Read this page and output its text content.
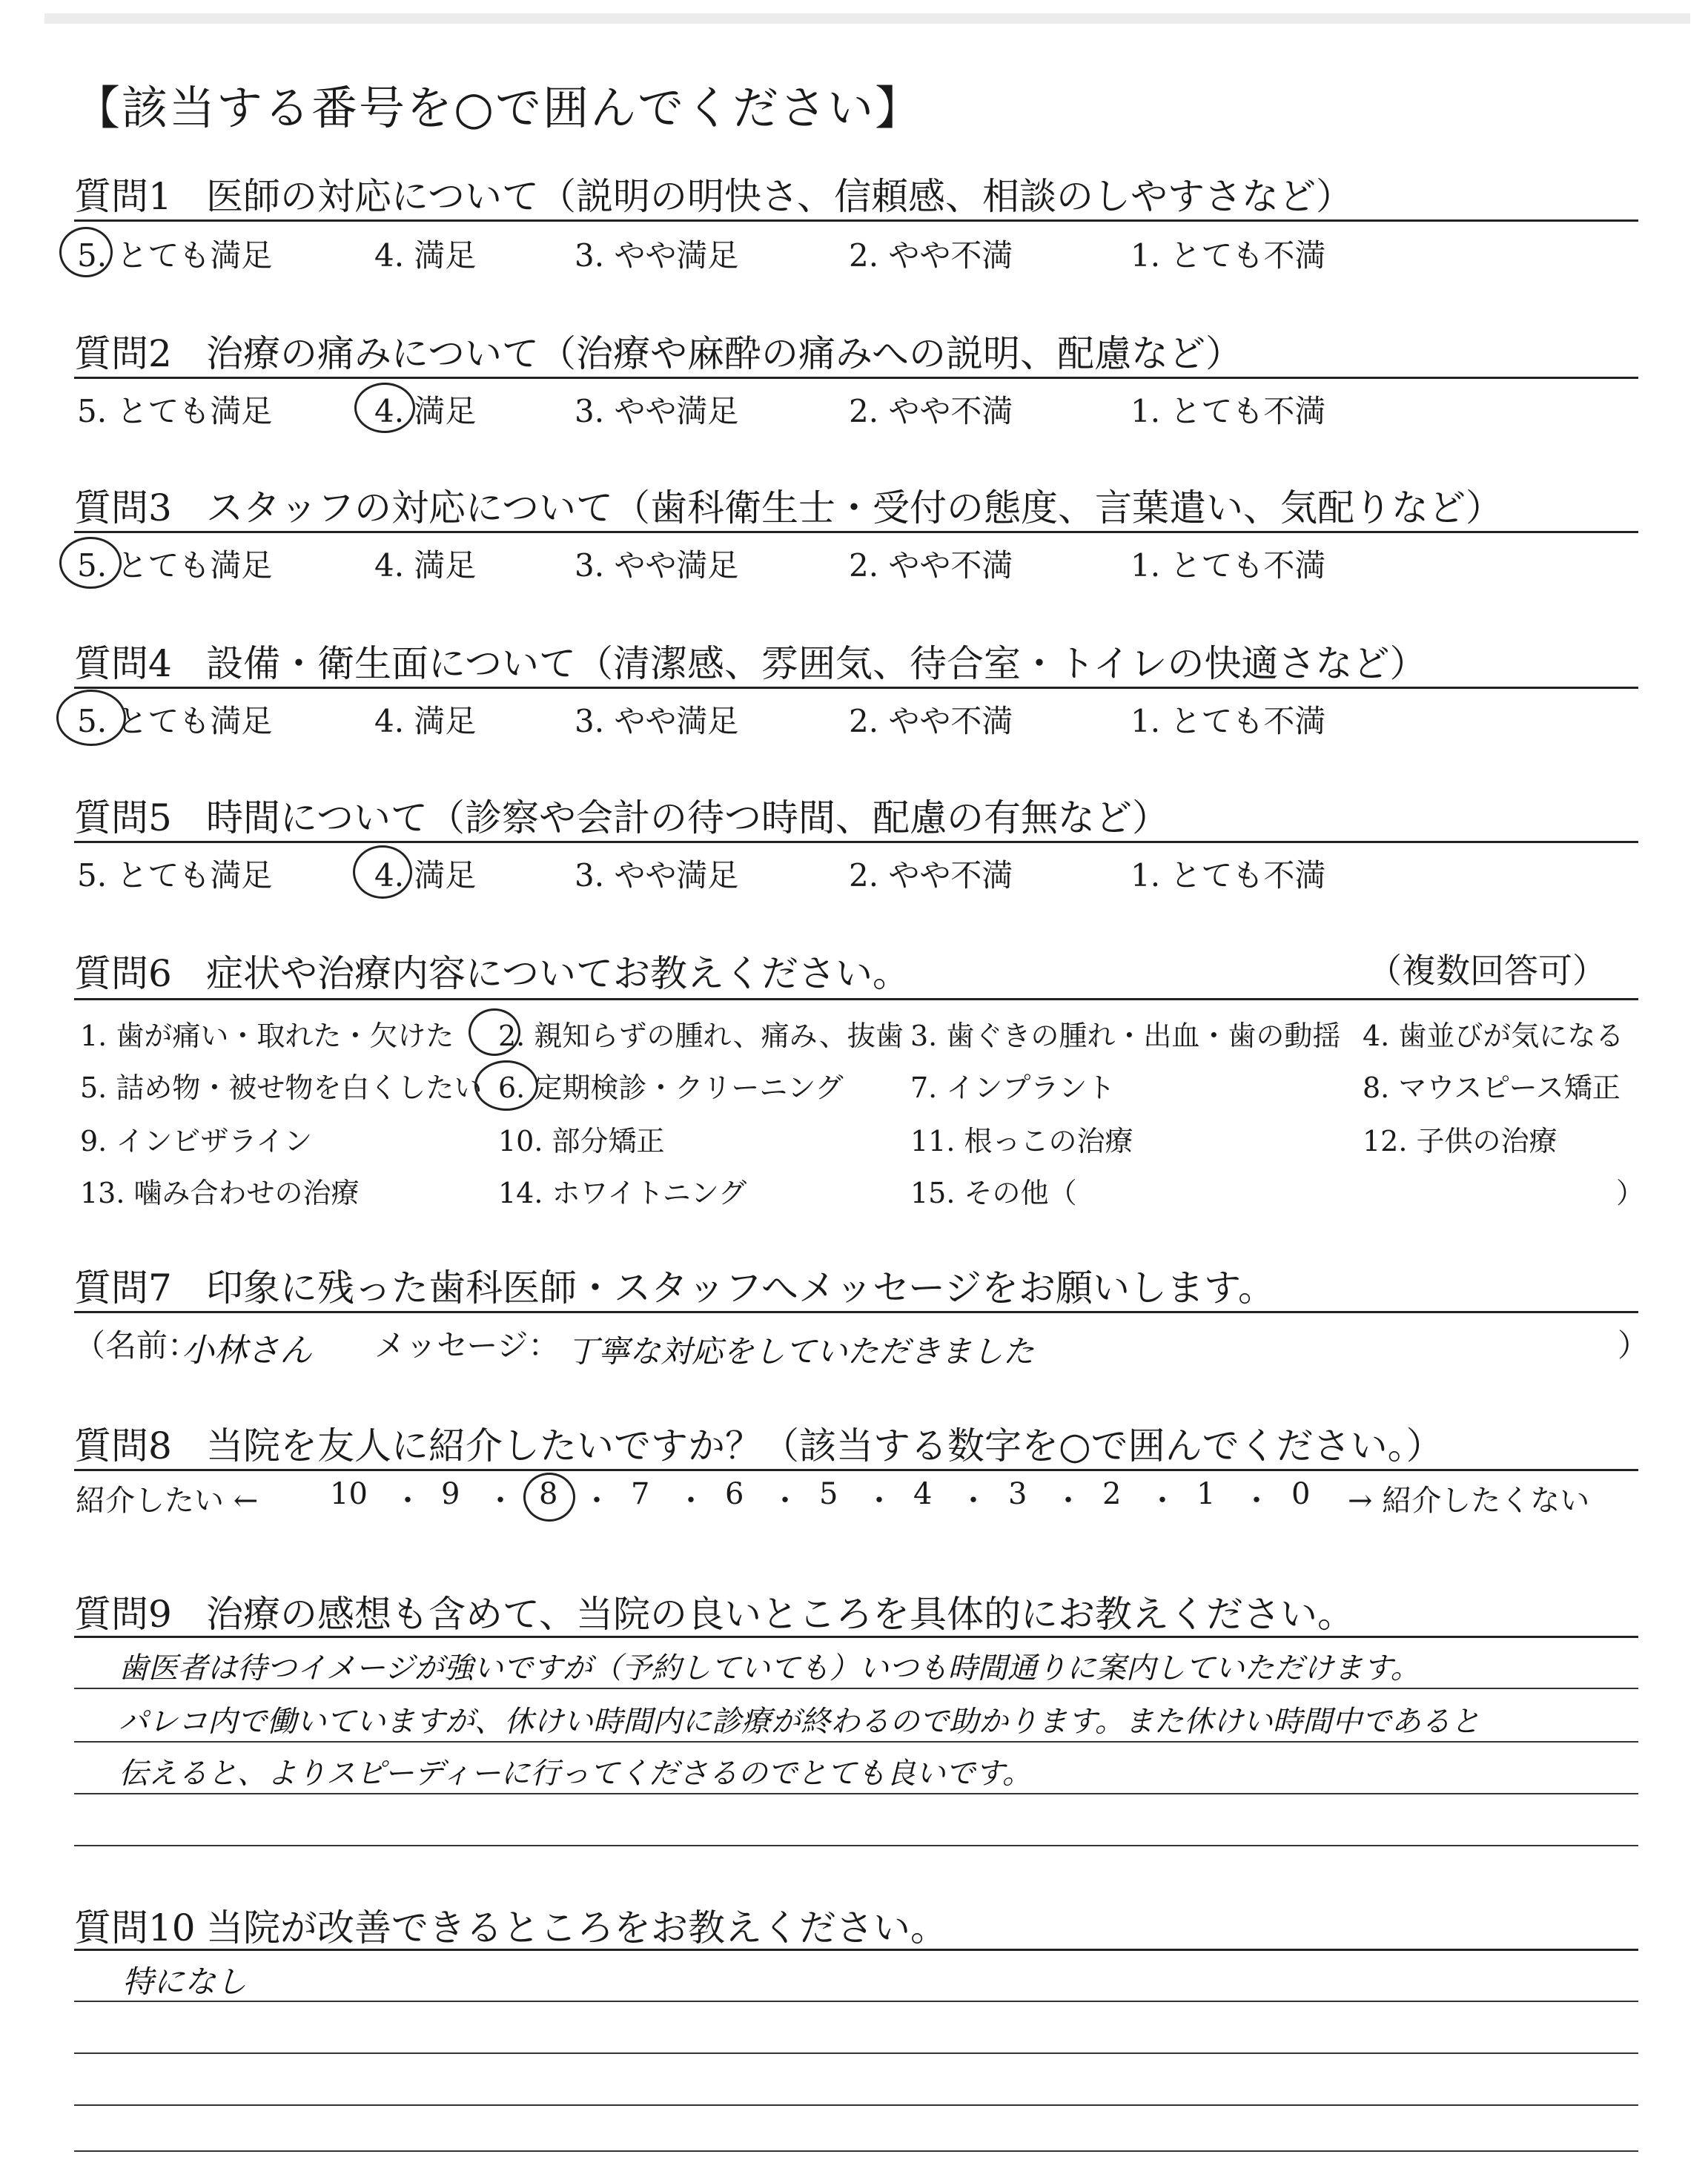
【該当する番号を○で囲んでください】
質問1 医師の対応について（説明の明快さ、信頼感、相談のしやすさなど）
5. とても満足	4. 満足	3. やや満足	2. やや不満	1. とても不満
質問2 治療の痛みについて（治療や麻酔の痛みへの説明、配慮など）
5. とても満足	4. 満足	3. やや満足	2. やや不満	1. とても不満
質問3 スタッフの対応について（歯科衛生士・受付の態度、言葉遣い、気配りなど）
5. とても満足	4. 満足	3. やや満足	2. やや不満	1. とても不満
質問4 設備・衛生面について（清潔感、雰囲気、待合室・トイレの快適さなど）
5. とても満足	4. 満足	3. やや満足	2. やや不満	1. とても不満
質問5 時間について（診察や会計の待つ時間、配慮の有無など）
5. とても満足	4. 満足	3. やや満足	2. やや不満	1. とても不満
質問6 症状や治療内容についてお教えください。	（複数回答可）
1. 歯が痛い・取れた・欠けた 2. 親知らずの腫れ、痛み、抜歯 3. 歯ぐきの腫れ・出血・歯の動揺 4. 歯並びが気になる
5. 詰め物・被せ物を白くしたい 6. 定期検診・クリーニング 7. インプラント	8. マウスピース矯正
9. インビザライン	10. 部分矯正	11. 根っこの治療	12. 子供の治療
13. 噛み合わせの治療	14. ホワイトニング	15. その他（	）
質問7 印象に残った歯科医師・スタッフへメッセージをお願いします。
（名前：
小林さん メッセージ： 丁寧な対応をしていただきました	）
質問8 当院を友人に紹介したいですか？（該当する数字を○で囲んでください。）
紹介したい ← 10 9	8 7	6	5	4	3	2	1	0
・ ・ ・ ・ ・ ・ ・ ・ ・ ・	→ 紹介したくない
質問9 治療の感想も含めて、当院の良いところを具体的にお教えください。
歯医者は待つイメージが強いですが（予約していても）いつも時間通りに案内していただけます。
パレコ内で働いていますが、休けい時間内に診療が終わるので助かります。また休けい時間中であると
伝えると、よりスピーディーに行ってくださるのでとても良いです。
質問10 当院が改善できるところをお教えください。
特になし
